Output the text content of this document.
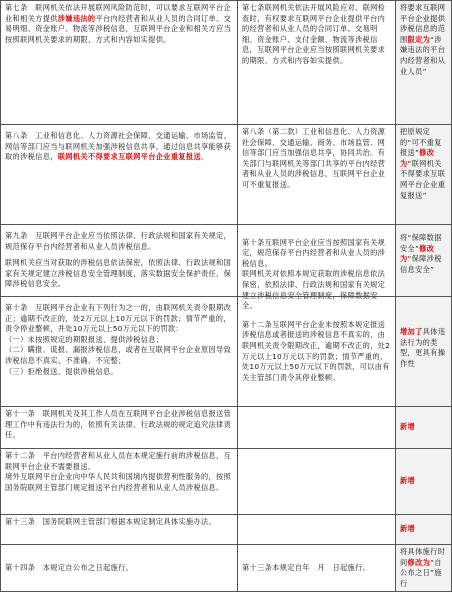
第七条　联网机关依法开展联网风险防范时，可以要求互联网平台企业和相关方提供涉嫌违法的平台内经营者和从业人员的合同订单、交易明细、资金账户、物流等涉税信息，互联网平台企业和相关方应当按照联网机关要求的期限、方式和内容如实提供。
第七条联网机关依法开展风险应对、联网检查时，有权要求互联网平台企业提供平台内的经营者和从业人员的合同订单、交易明细、资金账户、支付金额、物流等涉税信息，互联网平台企业应当按照联网机关要求的期限、方式和内容如实提供。
将要求互联网平台企业提供涉税信息的范围限定为“涉嫌违法的平台内经营者和从业人员”
第八条　工业和信息化、人力资源社会保障、交通运输、市场监管、网信等部门应当与联网机关加强涉税信息共享，通过信息共享能够获取的涉税信息，联网机关不得要求互联网平台企业重复报送。
第八条（第二款）工业和信息化、人力资源社会保障、交通运输、商务、市场监管、网信等部门应当加强信息共享，协同共治。有关部门与联网机关等部门共享的平台内经营者和从业人员的涉税信息，互联网平台企业可不重复报送。
把原规定的“可不重复报送”修改为“联网机关不得要求互联网平台企业重复报送”

第九条　互联网平台企业应当依照法律、行政法规和国家有关规定，规范保存平台内经营者和从业人员涉税信息。

联网机关应当对获取的涉税信息依法保密，依照法律、行政法规和国家有关规定建立涉税信息安全管理制度，落实数据安全保护责任，保障涉税信息安全。

第十条互联网平台企业应当按照国家有关规定，规范保存平台内经营者和从业人员的涉税信息。
联网机关对依照本规定获取的涉税信息依法保密，依照法律、行政法规和国家有关规定建立涉税信息安全管理制度，保障数据安全。

将“保障数据安全”修改为“保障涉税信息安全”

第十条　互联网平台企业有下列行为之一的，由联网机关责令限期改正；逾期不改正的，处2万元以上10万元以下的罚款；情节严重的，责令停业整顿，并处10万元以上50万元以下的罚款：

（一）未按照规定的期限报送、提供涉税信息；

（二）瞒报、谎报、漏报涉税信息，或者在互联网平台企业原因导致涉税信息不真实、不准确、不完整；

（三）拒绝报送、提供涉税信息。

第十二条互联网平台企业未按照本规定报送涉税信息或者报送的涉税信息不真实的，由联网机关责令限期改正，逾期不改正的，处2万元以上10万元以下的罚款；情节严重的，处10万元以上50万元以下的罚款，可以由有关主管部门责令其停业整顿。
增加了具体违法行为的类型，更具有操作性
第十一条　联网机关及其工作人员在互联网平台企业涉税信息报送管理工作中有违法行为的，依照有关法律、行政法规的规定追究法律责任。
新增

第十二条　平台内经营者和从业人员在本规定施行前的涉税信息，互联网平台企业不需要报送。

境外互联网平台企业向中华人民共和国境内提供营利性服务的，按照国务院联网主管部门规定报送平台内经营者和从业人员涉税信息。

新增
第十三条　国务院联网主管部门根据本规定制定具体实施办法。
新增
第十四条　本规定自公布之日起施行。	第十三条本规定自年　月　日起施行。
将具体施行时间修改为“自公布之日”施行
